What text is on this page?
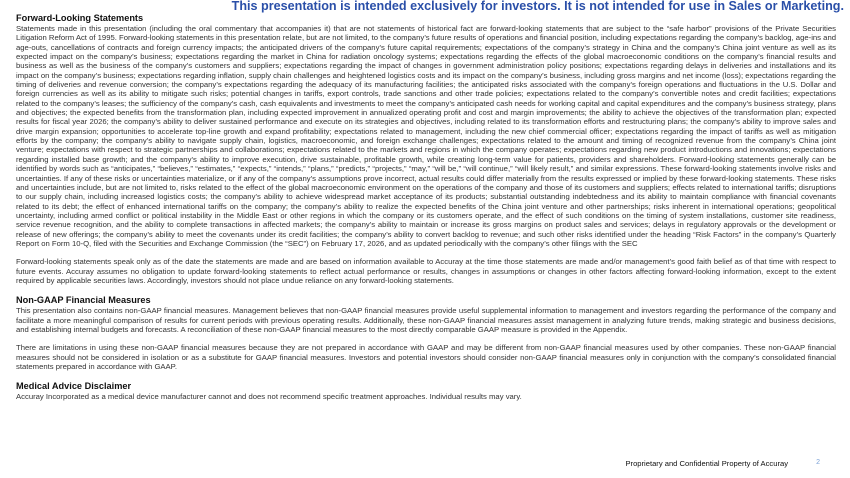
This presentation is intended exclusively for investors. It is not intended for use in Sales or Marketing.
Forward-Looking Statements

Statements made in this presentation (including the oral commentary that accompanies it) that are not statements of historical fact are forward-looking statements that are subject to the “safe harbor” provisions of the Private Securities Litigation Reform Act of 1995. Forward-looking statements in this presentation relate, but are not limited, to the company’s future results of operations and financial position, including expectations regarding the company’s backlog, age-ins and age-outs, cancellations of contracts and foreign currency impacts; the anticipated drivers of the company’s future capital requirements; expectations of the company’s strategy in China and the company’s China joint venture as well as its expected impact on the company’s business; expectations regarding the market in China for radiation oncology systems; expectations regarding the effects of the global macroeconomic conditions on the company’s financial results and business as well as the business of the company’s customers and suppliers; expectations regarding the impact of changes in government administration policy positions; expectations regarding delays in deliveries and installations and its impact on the company’s business; expectations regarding inflation, supply chain challenges and heightened logistics costs and its impact on the company’s business, including gross margins and net income (loss); expectations regarding the timing of deliveries and revenue conversion; the company’s expectations regarding the adequacy of its manufacturing facilities; the anticipated risks associated with the company’s foreign operations and fluctuations in the U.S. Dollar and foreign currencies as well as its ability to mitigate such risks; potential changes in tariffs, export controls, trade sanctions and other trade policies; expectations related to the company’s convertible notes and credit facilities; expectations related to the company’s leases; the sufficiency of the company’s cash, cash equivalents and investments to meet the company’s anticipated cash needs for working capital and capital expenditures and the company’s business strategy, plans and objectives; the expected benefits from the transformation plan, including expected improvement in annualized operating profit and cost and margin improvements; the ability to achieve the objectives of the transformation plan; expected results for fiscal year 2026; the company’s ability to deliver sustained performance and execute on its strategies and objectives, including related to its transformation efforts and restructuring plans; the company’s ability to improve sales and drive margin expansion; opportunities to accelerate top-line growth and expand profitability; expectations related to management, including the new chief commercial officer; expectations regarding the impact of tariffs as well as mitigation efforts by the company; the company’s ability to navigate supply chain, logistics, macroeconomic, and foreign exchange challenges; expectations related to the amount and timing of recognized revenue from the company’s China joint venture; expectations with respect to strategic partnerships and collaborations; expectations related to the markets and regions in which the company operates; expectations regarding new product introductions and innovations; expectations regarding installed base growth; and the company’s ability to improve execution, drive sustainable, profitable growth, while creating long-term value for patients, providers and shareholders. Forward-looking statements generally can be identified by words such as “anticipates,” “believes,” “estimates,” “expects,” “intends,” “plans,” “predicts,” “projects,” “may,” “will be,” “will continue,” “will likely result,” and similar expressions. These forward-looking statements involve risks and uncertainties. If any of these risks or uncertainties materialize, or if any of the company’s assumptions prove incorrect, actual results could differ materially from the results expressed or implied by these forward-looking statements. These risks and uncertainties include, but are not limited to, risks related to the effect of the global macroeconomic environment on the operations of the company and those of its customers and suppliers; effects related to international tariffs; disruptions to our supply chain, including increased logistics costs; the company’s ability to achieve widespread market acceptance of its products; substantial outstanding indebtedness and its ability to maintain compliance with financial covenants related to its debt; the effect of enhanced international tariffs on the company; the company’s ability to realize the expected benefits of the China joint venture and other partnerships; risks inherent in international operations; geopolitical uncertainty, including armed conflict or political instability in the Middle East or other regions in which the company or its customers operate, and the effect of such conditions on the timing of system installations, customer site readiness, service revenue recognition, and the ability to complete transactions in affected markets; the company’s ability to maintain or increase its gross margins on product sales and services; delays in regulatory approvals or the development or release of new offerings; the company’s ability to meet the covenants under its credit facilities; the company’s ability to convert backlog to revenue; and such other risks identified under the heading “Risk Factors” in the company’s Quarterly Report on Form 10-Q, filed with the Securities and Exchange Commission (the “SEC”) on February 17, 2026, and as updated periodically with the company’s other filings with the SEC

Forward-looking statements speak only as of the date the statements are made and are based on information available to Accuray at the time those statements are made and/or management’s good faith belief as of that time with respect to future events. Accuray assumes no obligation to update forward-looking statements to reflect actual performance or results, changes in assumptions or changes in other factors affecting forward-looking information, except to the extent required by applicable securities laws. Accordingly, investors should not place undue reliance on any forward-looking statements.

Non-GAAP Financial Measures

This presentation also contains non-GAAP financial measures. Management believes that non-GAAP financial measures provide useful supplemental information to management and investors regarding the performance of the company and facilitate a more meaningful comparison of results for current periods with previous operating results. Additionally, these non-GAAP financial measures assist management in analyzing future trends, making strategic and business decisions, and establishing internal budgets and forecasts. A reconciliation of these non-GAAP financial measures to the most directly comparable GAAP measure is provided in the Appendix.

There are limitations in using these non-GAAP financial measures because they are not prepared in accordance with GAAP and may be different from non-GAAP financial measures used by other companies. These non-GAAP financial measures should not be considered in isolation or as a substitute for GAAP financial measures. Investors and potential investors should consider non-GAAP financial measures only in conjunction with the company’s consolidated financial statements prepared in accordance with GAAP.

Medical Advice Disclaimer

Accuray Incorporated as a medical device manufacturer cannot and does not recommend specific treatment approaches. Individual results may vary.

Proprietary and Confidential Property of Accuray	2
